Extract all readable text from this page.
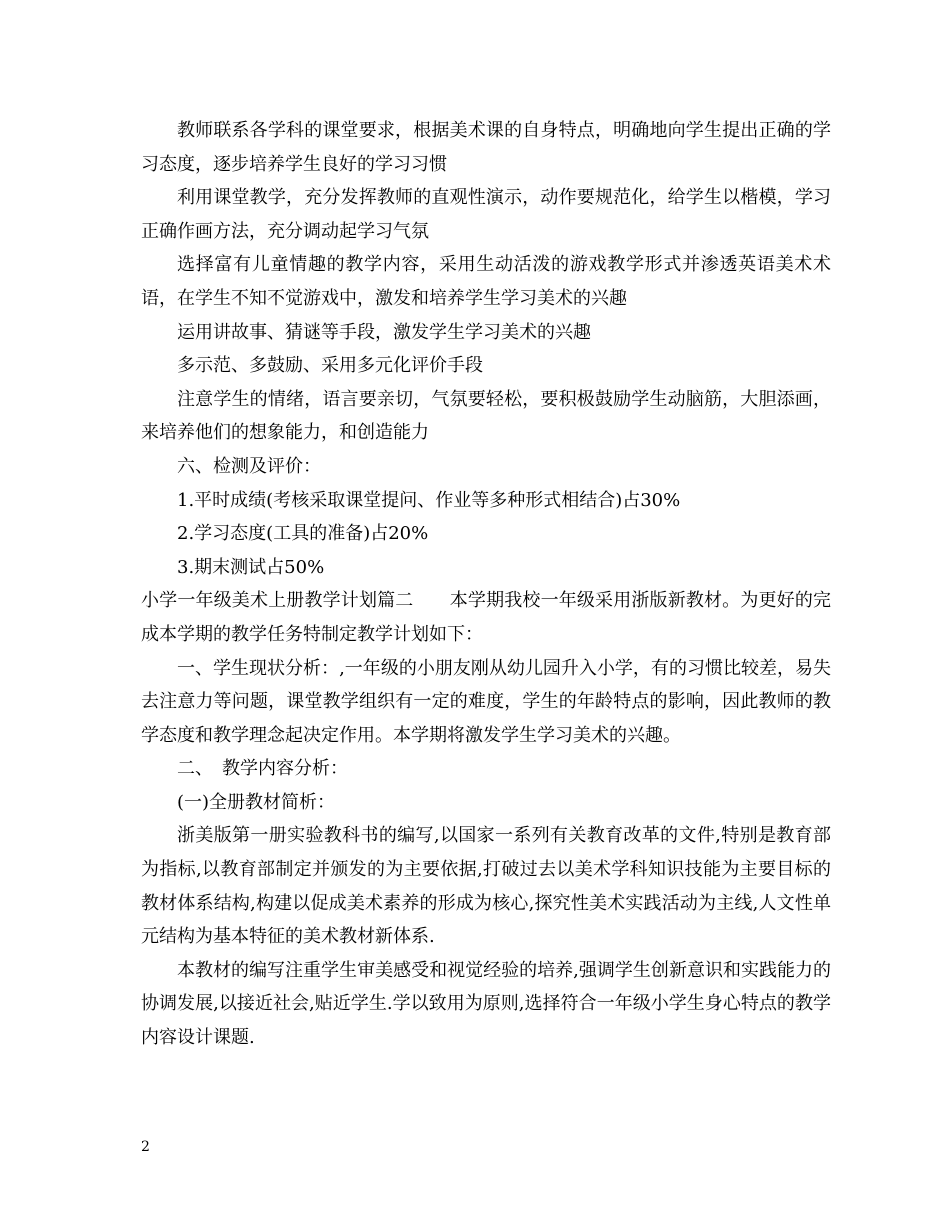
教师联系各学科的课堂要求，根据美术课的自身特点，明确地向学生提出正确的学习态度，逐步培养学生良好的学习习惯

利用课堂教学，充分发挥教师的直观性演示，动作要规范化，给学生以楷模，学习正确作画方法，充分调动起学习气氛

选择富有儿童情趣的教学内容，采用生动活泼的游戏教学形式并渗透英语美术术语，在学生不知不觉游戏中，激发和培养学生学习美术的兴趣

运用讲故事、猜谜等手段，激发学生学习美术的兴趣

多示范、多鼓励、采用多元化评价手段

注意学生的情绪，语言要亲切，气氛要轻松，要积极鼓励学生动脑筋，大胆添画，来培养他们的想象能力，和创造能力

六、检测及评价：

1.平时成绩(考核采取课堂提问、作业等多种形式相结合)占30%

2.学习态度(工具的准备)占20%

3.期末测试占50%

小学一年级美术上册教学计划篇二　　本学期我校一年级采用浙版新教材。为更好的完成本学期的教学任务特制定教学计划如下：

一、学生现状分析：,一年级的小朋友刚从幼儿园升入小学，有的习惯比较差，易失去注意力等问题，课堂教学组织有一定的难度，学生的年龄特点的影响，因此教师的教学态度和教学理念起决定作用。本学期将激发学生学习美术的兴趣。

二、　教学内容分析：

(一)全册教材简析：

浙美版第一册实验教科书的编写,以国家一系列有关教育改革的文件,特别是教育部为指标,以教育部制定并颁发的为主要依据,打破过去以美术学科知识技能为主要目标的教材体系结构,构建以促成美术素养的形成为核心,探究性美术实践活动为主线,人文性单元结构为基本特征的美术教材新体系.

本教材的编写注重学生审美感受和视觉经验的培养,强调学生创新意识和实践能力的协调发展,以接近社会,贴近学生.学以致用为原则,选择符合一年级小学生身心特点的教学内容设计课题.

2
